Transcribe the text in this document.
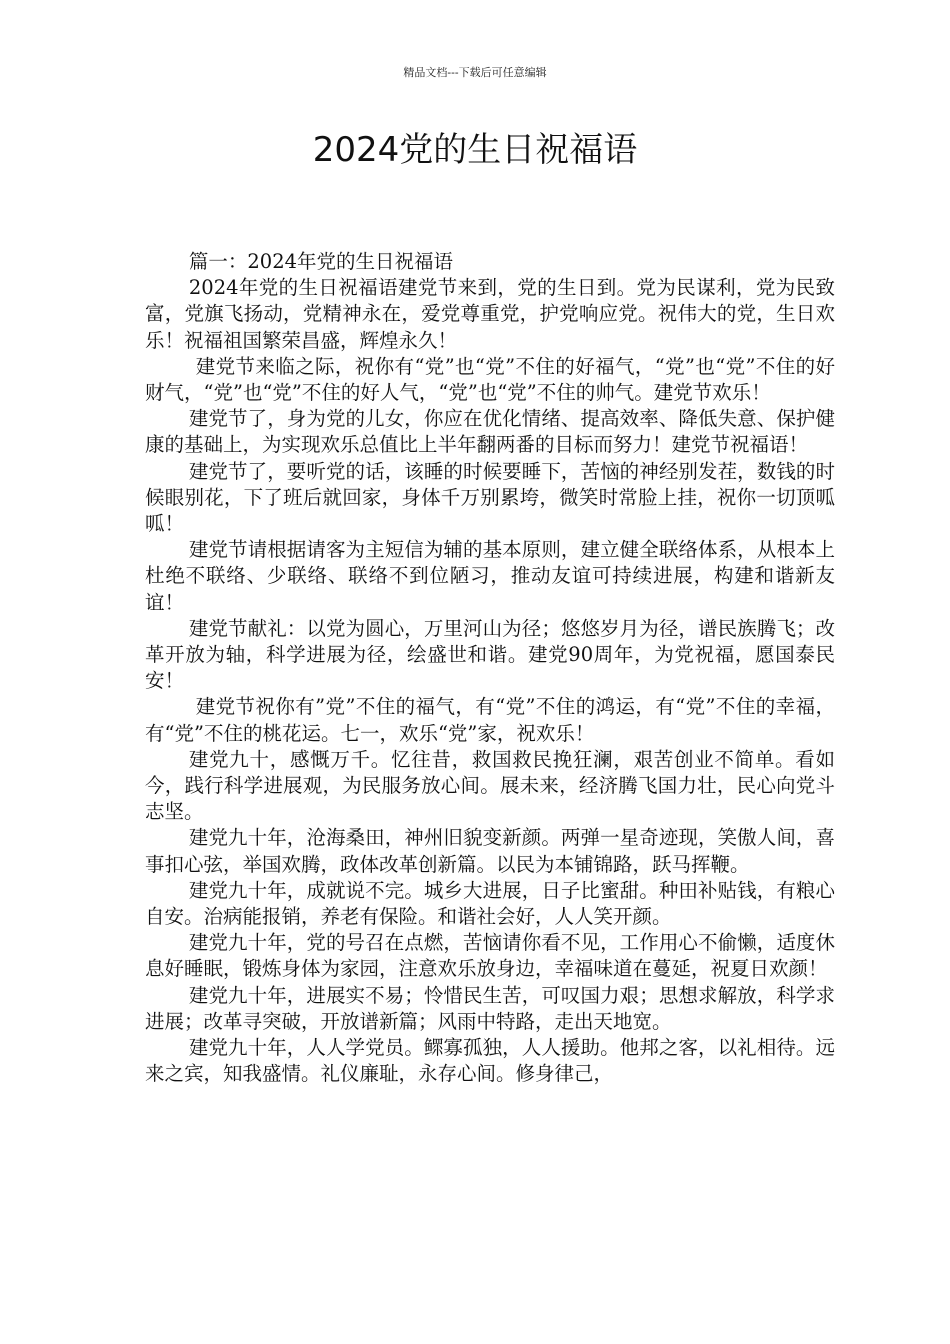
精品文档---下载后可任意编辑
2024党的生日祝福语

篇一：2024年党的生日祝福语

2024年党的生日祝福语建党节来到，党的生日到。党为民谋利，党为民致富，党旗飞扬动，党精神永在，爱党尊重党，护党响应党。祝伟大的党，生日欢乐！祝福祖国繁荣昌盛，辉煌永久！

建党节来临之际，祝你有“党”也“党”不住的好福气，“党”也“党”不住的好财气，“党”也“党”不住的好人气，“党”也“党”不住的帅气。建党节欢乐！

建党节了，身为党的儿女，你应在优化情绪、提高效率、降低失意、保护健康的基础上，为实现欢乐总值比上半年翻两番的目标而努力！建党节祝福语！

建党节了，要听党的话，该睡的时候要睡下，苦恼的神经别发茬，数钱的时候眼别花，下了班后就回家，身体千万别累垮，微笑时常脸上挂，祝你一切顶呱呱！

建党节请根据请客为主短信为辅的基本原则，建立健全联络体系，从根本上杜绝不联络、少联络、联络不到位陋习，推动友谊可持续进展，构建和谐新友谊！

建党节献礼：以党为圆心，万里河山为径；悠悠岁月为径，谱民族腾飞；改革开放为轴，科学进展为径，绘盛世和谐。建党90周年，为党祝福，愿国泰民安！

建党节祝你有”党”不住的福气，有“党”不住的鸿运，有“党”不住的幸福，有“党”不住的桃花运。七一，欢乐“党”家，祝欢乐！

建党九十，感慨万千。忆往昔，救国救民挽狂澜，艰苦创业不简单。看如今，践行科学进展观，为民服务放心间。展未来，经济腾飞国力壮，民心向党斗志坚。

建党九十年，沧海桑田，神州旧貌变新颜。两弹一星奇迹现，笑傲人间，喜事扣心弦，举国欢腾，政体改革创新篇。以民为本铺锦路，跃马挥鞭。

建党九十年，成就说不完。城乡大进展，日子比蜜甜。种田补贴钱，有粮心自安。治病能报销，养老有保险。和谐社会好，人人笑开颜。

建党九十年，党的号召在点燃，苦恼请你看不见，工作用心不偷懒，适度休息好睡眠，锻炼身体为家园，注意欢乐放身边，幸福味道在蔓延，祝夏日欢颜！

建党九十年，进展实不易；怜惜民生苦，可叹国力艰；思想求解放，科学求进展；改革寻突破，开放谱新篇；风雨中特路，走出天地宽。

建党九十年，人人学党员。鳏寡孤独，人人援助。他邦之客，以礼相待。远来之宾，知我盛情。礼仪廉耻，永存心间。修身律己，
